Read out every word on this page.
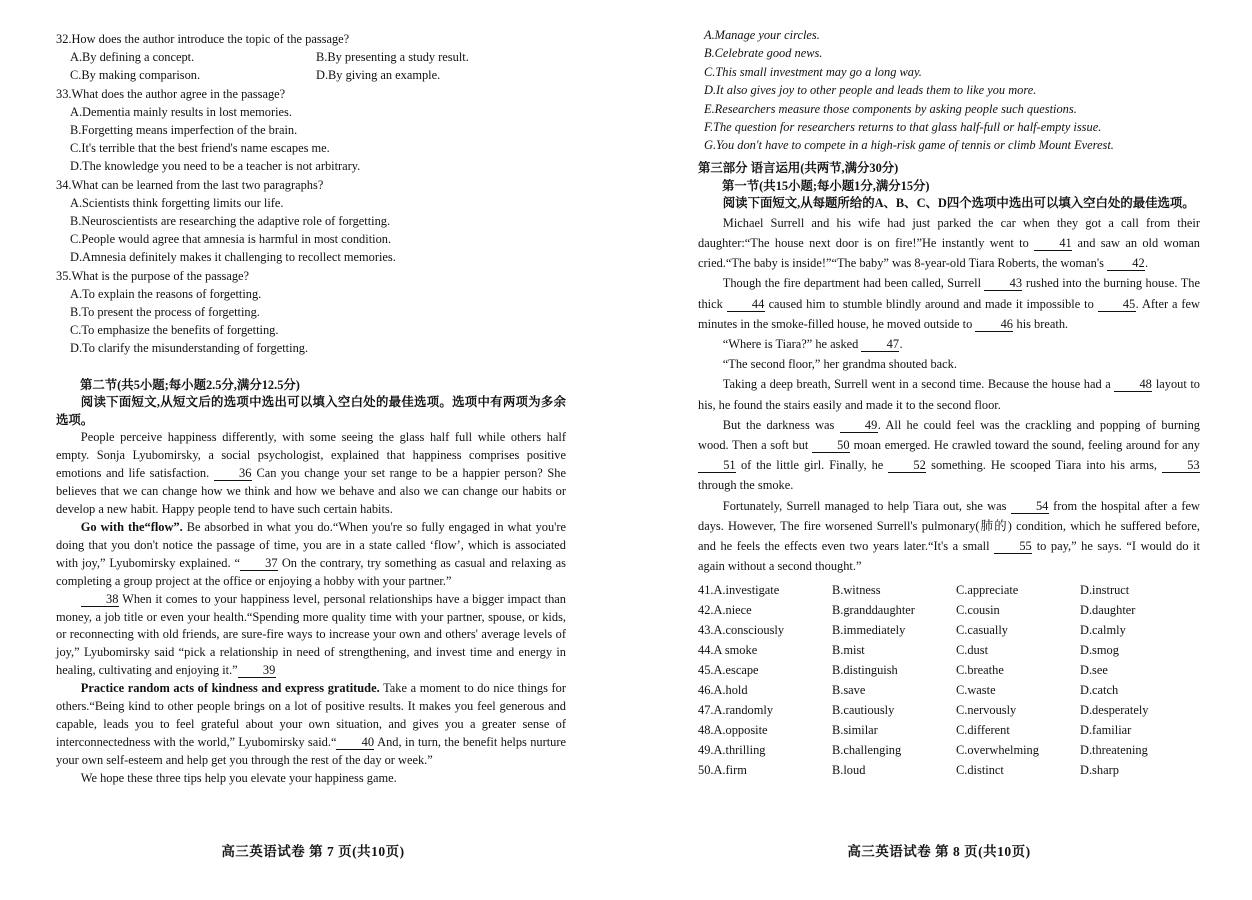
32.How does the author introduce the topic of the passage?
A.By defining a concept.	B.By presenting a study result.
C.By making comparison.	D.By giving an example.
33.What does the author agree in the passage?
A.Dementia mainly results in lost memories.
B.Forgetting means imperfection of the brain.
C.It's terrible that the best friend's name escapes me.
D.The knowledge you need to be a teacher is not arbitrary.
34.What can be learned from the last two paragraphs?
A.Scientists think forgetting limits our life.
B.Neuroscientists are researching the adaptive role of forgetting.
C.People would agree that amnesia is harmful in most condition.
D.Amnesia definitely makes it challenging to recollect memories.
35.What is the purpose of the passage?
A.To explain the reasons of forgetting.
B.To present the process of forgetting.
C.To emphasize the benefits of forgetting.
D.To clarify the misunderstanding of forgetting.
第二节(共5小题;每小题2.5分,满分12.5分)
阅读下面短文,从短文后的选项中选出可以填入空白处的最佳选项。选项中有两项为多余选项。
People perceive happiness differently, with some seeing the glass half full while others half empty. Sonja Lyubomirsky, a social psychologist, explained that happiness comprises positive emotions and life satisfaction. 36 Can you change your set range to be a happier person? She believes that we can change how we think and how we behave and also we can change our habits or develop a new habit. Happy people tend to have such certain habits.
Go with the“flow”. Be absorbed in what you do.“When you're so fully engaged in what you're doing that you don't notice the passage of time, you are in a state called ‘flow’, which is associated with joy,” Lyubomirsky explained. “ 37 On the contrary, try something as casual and relaxing as completing a group project at the office or enjoying a hobby with your partner.”
38 When it comes to your happiness level, personal relationships have a bigger impact than money, a job title or even your health.“Spending more quality time with your partner, spouse, or kids, or reconnecting with old friends, are sure-fire ways to increase your own and others' average levels of joy,” Lyubomirsky said “pick a relationship in need of strengthening, and invest time and energy in healing, cultivating and enjoying it.” 39
Practice random acts of kindness and express gratitude. Take a moment to do nice things for others.“Being kind to other people brings on a lot of positive results. It makes you feel generous and capable, leads you to feel grateful about your own situation, and gives you a greater sense of interconnectedness with the world,” Lyubomirsky said.“ 40 And, in turn, the benefit helps nurture your own self-esteem and help get you through the rest of the day or week.”
We hope these three tips help you elevate your happiness game.
高三英语试卷 第 7 页(共10页)
A.Manage your circles.
B.Celebrate good news.
C.This small investment may go a long way.
D.It also gives joy to other people and leads them to like you more.
E.Researchers measure those components by asking people such questions.
F.The question for researchers returns to that glass half-full or half-empty issue.
G.You don't have to compete in a high-risk game of tennis or climb Mount Everest.
第三部分 语言运用(共两节,满分30分)
第一节(共15小题;每小题1分,满分15分)
阅读下面短文,从每题所给的A、B、C、D四个选项中选出可以填入空白处的最佳选项。
Michael Surrell and his wife had just parked the car when they got a call from their daughter:“The house next door is on fire!”He instantly went to 41 and saw an old woman cried.“The baby is inside!”“The baby” was 8-year-old Tiara Roberts, the woman's 42.
Though the fire department had been called, Surrell 43 rushed into the burning house. The thick 44 caused him to stumble blindly around and made it impossible to 45. After a few minutes in the smoke-filled house, he moved outside to 46 his breath.
“Where is Tiara?” he asked 47.
“The second floor,” her grandma shouted back.
Taking a deep breath, Surrell went in a second time. Because the house had a 48 layout to his, he found the stairs easily and made it to the second floor.
But the darkness was 49. All he could feel was the crackling and popping of burning wood. Then a soft but 50 moan emerged. He crawled toward the sound, feeling around for any 51 of the little girl. Finally, he 52 something. He scooped Tiara into his arms, 53 through the smoke.
Fortunately, Surrell managed to help Tiara out, she was 54 from the hospital after a few days. However, The fire worsened Surrell's pulmonary(肺的) condition, which he suffered before, and he feels the effects even two years later.“It's a small 55 to pay,” he says. “I would do it again without a second thought.”
41.A.investigate	B.witness	C.appreciate	D.instruct
42.A.niece	B.granddaughter	C.cousin	D.daughter
43.A.consciously	B.immediately	C.casually	D.calmly
44.A smoke	B.mist	C.dust	D.smog
45.A.escape	B.distinguish	C.breathe	D.see
46.A.hold	B.save	C.waste	D.catch
47.A.randomly	B.cautiously	C.nervously	D.desperately
48.A.opposite	B.similar	C.different	D.familiar
49.A.thrilling	B.challenging	C.overwhelming	D.threatening
50.A.firm	B.loud	C.distinct	D.sharp
高三英语试卷 第 8 页(共10页)
